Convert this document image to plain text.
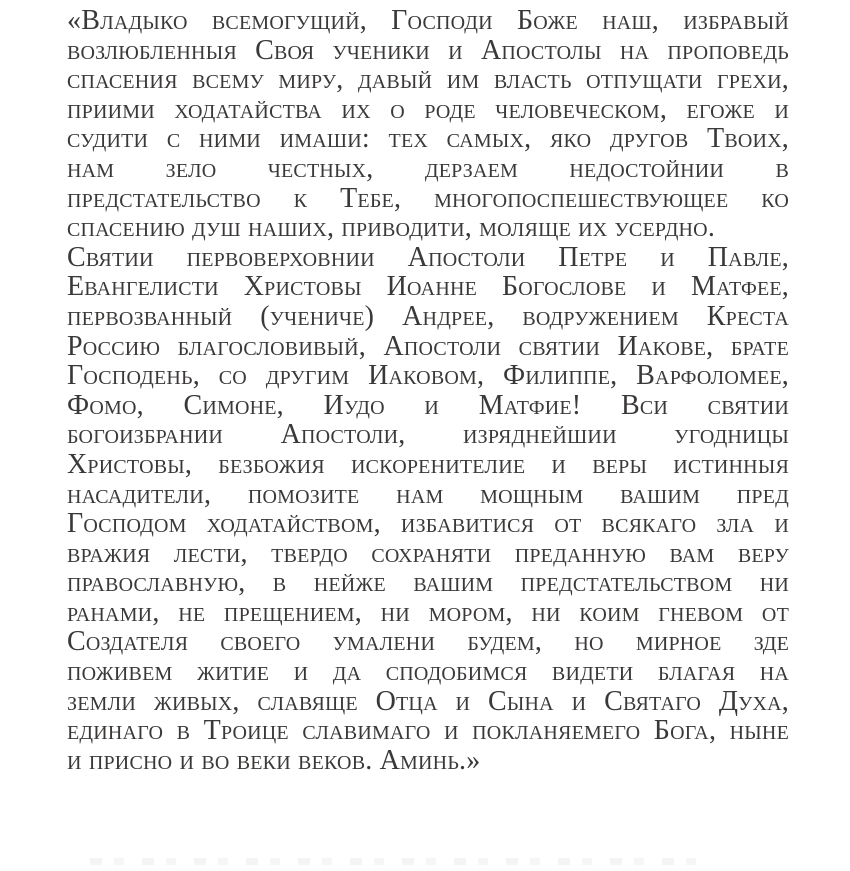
«Владыко всемогущий, Господи Боже наш, избравый
возлюбленныя Своя ученики и Апостолы на проповедь
спасения всему миру, давый им власть отпущати грехи,
приими ходатайства их о роде человеческом, егоже и
судити с ними имаши: тех самых, яко другов Твоих,
нам зело честных, дерзаем недостойнии в
предстательство к Тебе, многопоспешествующее ко
спасению душ наших, приводити, моляще их усердно.
Святии первоверховнии Апостоли Петре и Павле,
Евангелисти Христовы Иоанне Богослове и Матфее,
первозванный (учениче) Андрее, водружением Креста
Россию благословивый, Апостоли святии Иакове, брате
Господень, со другим Иаковом, Филиппе, Варфоломее,
Фомо, Симоне, Иудо и Матфие! Вси святии
богоизбрании Апостоли, изряднейшии угодницы
Христовы, безбожия искоренителие и веры истинныя
насадители, помозите нам мощным вашим пред
Господом ходатайством, избавитися от всякаго зла и
вражия лести, твердо сохраняти преданную вам веру
православную, в нейже вашим предстательством ни
ранами, не прещением, ни мором, ни коим гневом от
Создателя своего умалени будем, но мирное зде
поживем житие и да сподобимся видети благая на
земли живых, славяще Отца и Сына и Святаго Духа,
единаго в Троице славимаго и покланяемего Бога, ныне
и присно и во веки веков. Аминь.»
